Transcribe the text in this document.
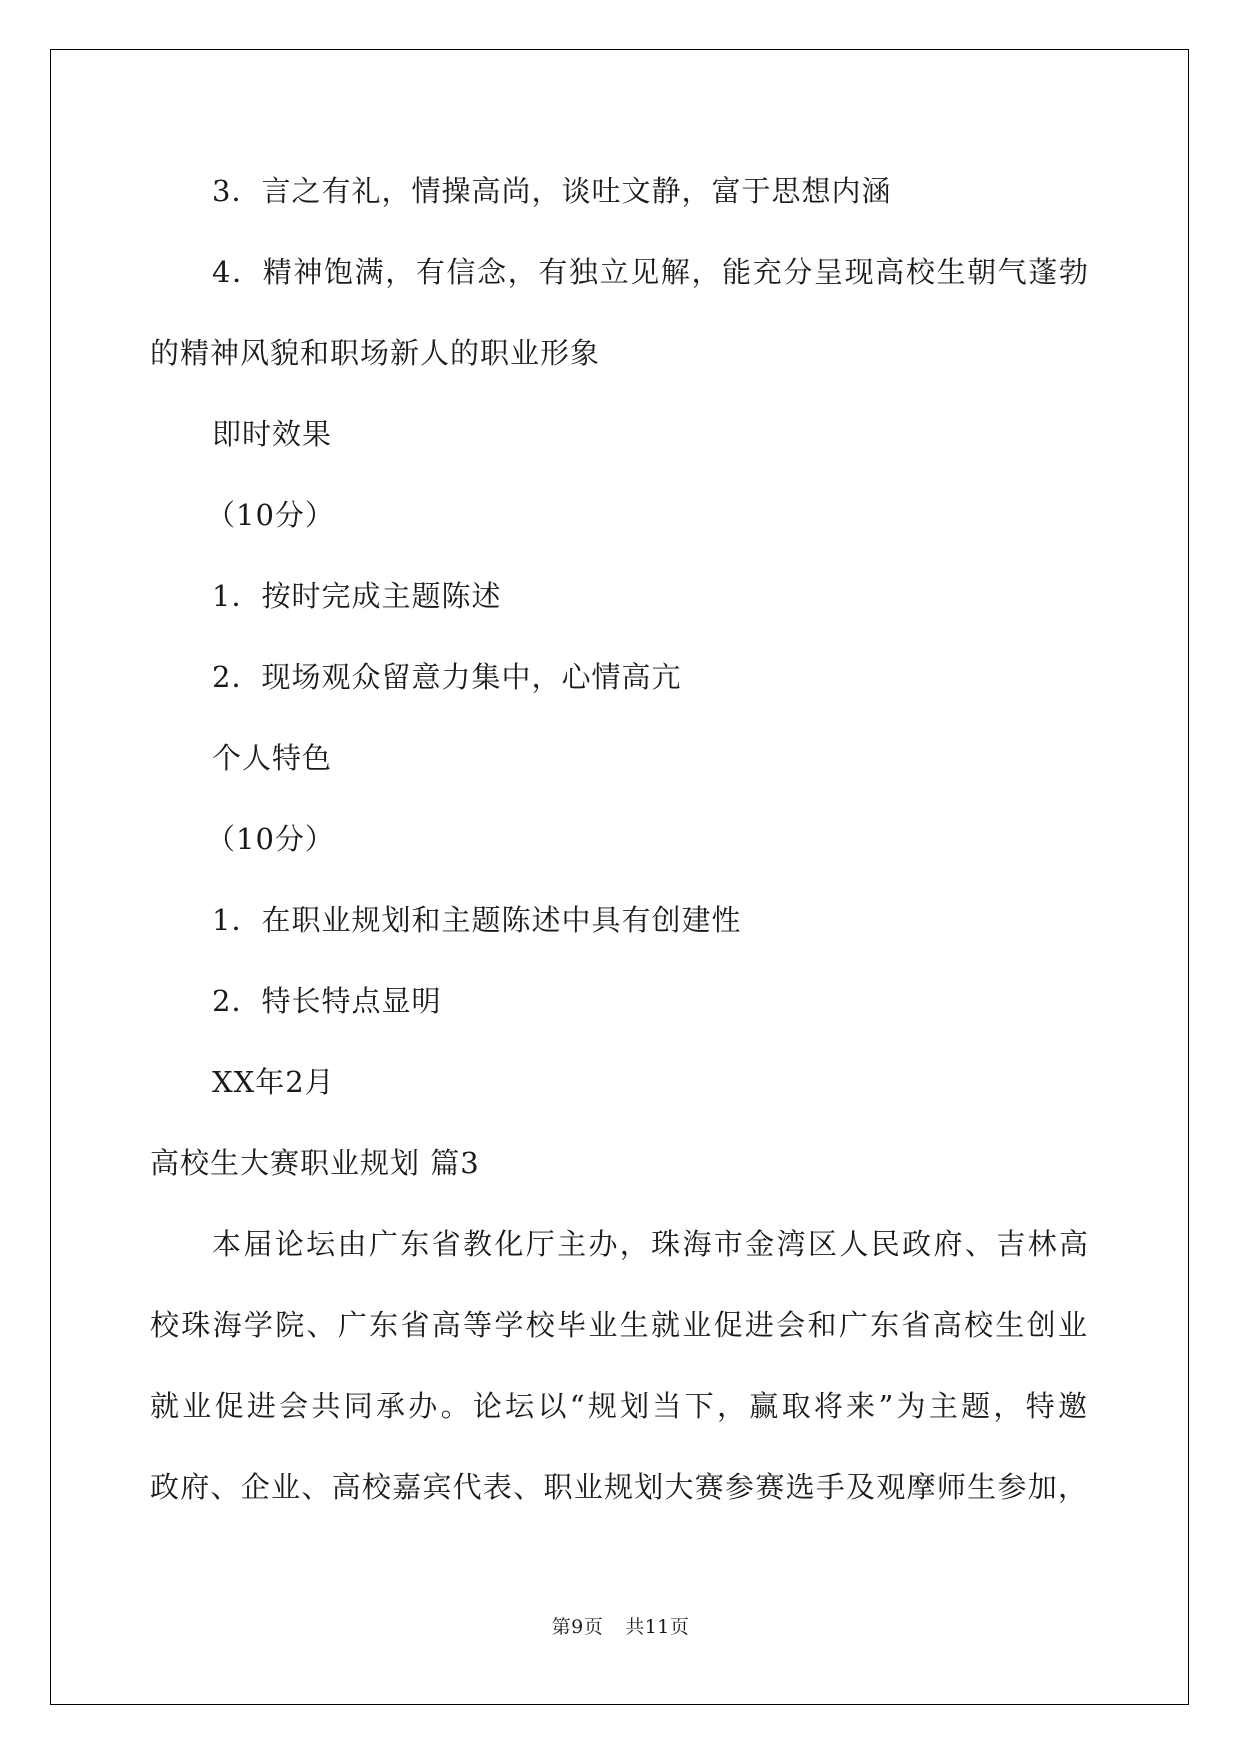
3．言之有礼，情操高尚，谈吐文静，富于思想内涵
4．精神饱满，有信念，有独立见解，能充分呈现高校生朝气蓬勃
的精神风貌和职场新人的职业形象
即时效果
（10分）
1．按时完成主题陈述
2．现场观众留意力集中，心情高亢
个人特色
（10分）
1．在职业规划和主题陈述中具有创建性
2．特长特点显明
XX年2月
高校生大赛职业规划 篇3
本届论坛由广东省教化厅主办，珠海市金湾区人民政府、吉林高
校珠海学院、广东省高等学校毕业生就业促进会和广东省高校生创业
就业促进会共同承办。论坛以“规划当下，赢取将来”为主题，特邀
政府、企业、高校嘉宾代表、职业规划大赛参赛选手及观摩师生参加，
第9页 共11页
